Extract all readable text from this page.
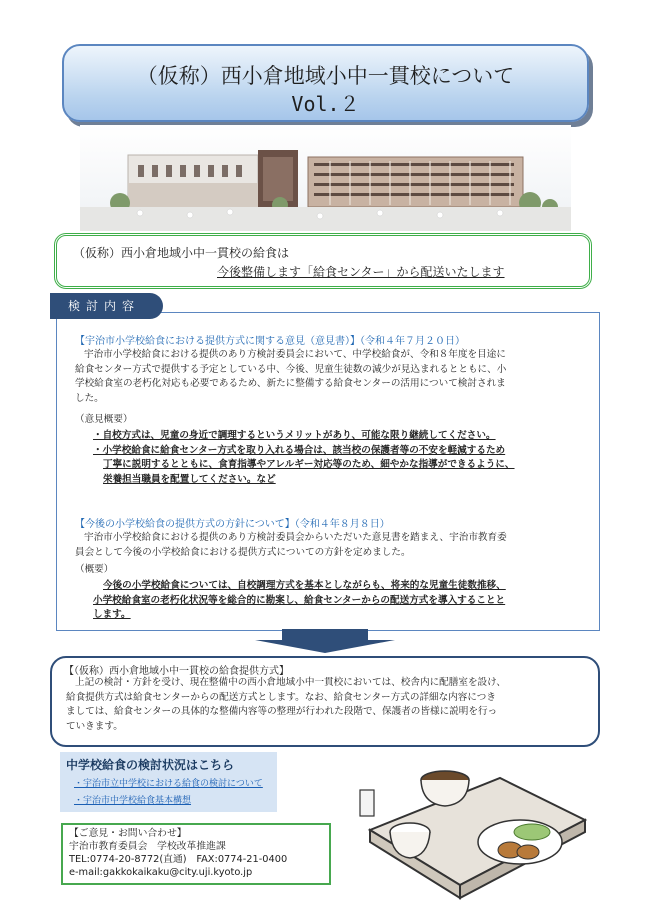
（仮称）西小倉地域小中一貫校について
Vol.２
（仮称）西小倉地域小中一貫校の給食は
今後整備します「給食センター」から配送いたします
【宇治市小学校給食における提供方式に関する意見（意見書）】（令和４年７月２０日）
宇治市小学校給食における提供のあり方検討委員会において、中学校給食が、令和８年度を目途に
給食センター方式で提供する予定としている中、今後、児童生徒数の減少が見込まれるとともに、小
学校給食室の老朽化対応も必要であるため、新たに整備する給食センターの活用について検討されま
した。
（意見概要）
・自校方式は、児童の身近で調理するというメリットがあり、可能な限り継続してください。
・小学校給食に給食センター方式を取り入れる場合は、該当校の保護者等の不安を軽減するため
丁寧に説明するとともに、食育指導やアレルギー対応等のため、細やかな指導ができるように、
栄養担当職員を配置してください。など
【今後の小学校給食の提供方式の方針について】（令和４年８月８日）
宇治市小学校給食における提供のあり方検討委員会からいただいた意見書を踏まえ、宇治市教育委
員会として今後の小学校給食における提供方式についての方針を定めました。
（概要）
今後の小学校給食については、自校調理方式を基本としながらも、将来的な児童生徒数推移、
小学校給食室の老朽化状況等を総合的に勘案し、給食センターからの配送方式を導入することと
します。
検討内容
【（仮称）西小倉地域小中一貫校の給食提供方式】
上記の検討・方針を受け、現在整備中の西小倉地域小中一貫校においては、校舎内に配膳室を設け、
給食提供方式は給食センターからの配送方式とします。なお、給食センター方式の詳細な内容につき
ましては、給食センターの具体的な整備内容等の整理が行われた段階で、保護者の皆様に説明を行っ
ていきます。
中学校給食の検討状況はこちら
・宇治市立中学校における給食の検討について
・宇治市中学校給食基本構想
【ご意見・お問い合わせ】
宇治市教育委員会　学校改革推進課
TEL:0774-20-8772(直通)　FAX:0774-21-0400
e-mail:gakkokaikaku@city.uji.kyoto.jp
